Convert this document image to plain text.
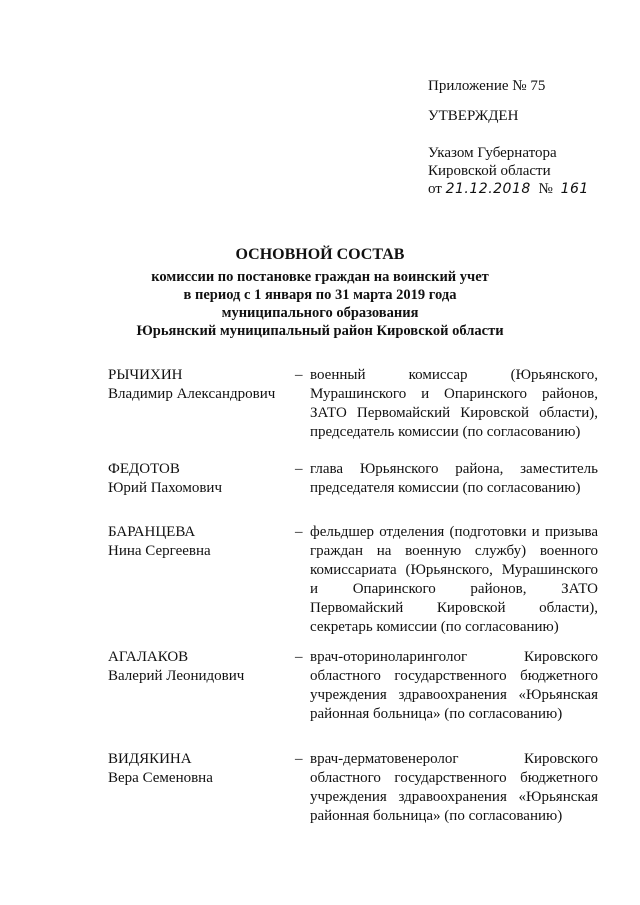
Приложение № 75
УТВЕРЖДЕН
Указом Губернатора
Кировской области
от 21.12.2018 № 161
ОСНОВНОЙ СОСТАВ
комиссии по постановке граждан на воинский учет
в период с 1 января по 31 марта 2019 года
муниципального образования
Юрьянский муниципальный район Кировской области
РЫЧИХИН
Владимир Александрович
– военный комиссар (Юрьянского, Мурашинского и Опаринского районов, ЗАТО Первомайский Кировской области), председатель комиссии (по согласованию)
ФЕДОТОВ
Юрий Пахомович
– глава Юрьянского района, заместитель председателя комиссии (по согласованию)
БАРАНЦЕВА
Нина Сергеевна
– фельдшер отделения (подготовки и призыва граждан на военную службу) военного комиссариата (Юрьянского, Мурашинского и Опаринского районов, ЗАТО Первомайский Кировской области), секретарь комиссии (по согласованию)
АГАЛАКОВ
Валерий Леонидович
– врач-оториноларинголог Кировского областного государственного бюджетного учреждения здравоохранения «Юрьянская районная больница» (по согласованию)
ВИДЯКИНА
Вера Семеновна
– врач-дерматовенеролог Кировского областного государственного бюджетного учреждения здравоохранения «Юрьянская районная больница» (по согласованию)
